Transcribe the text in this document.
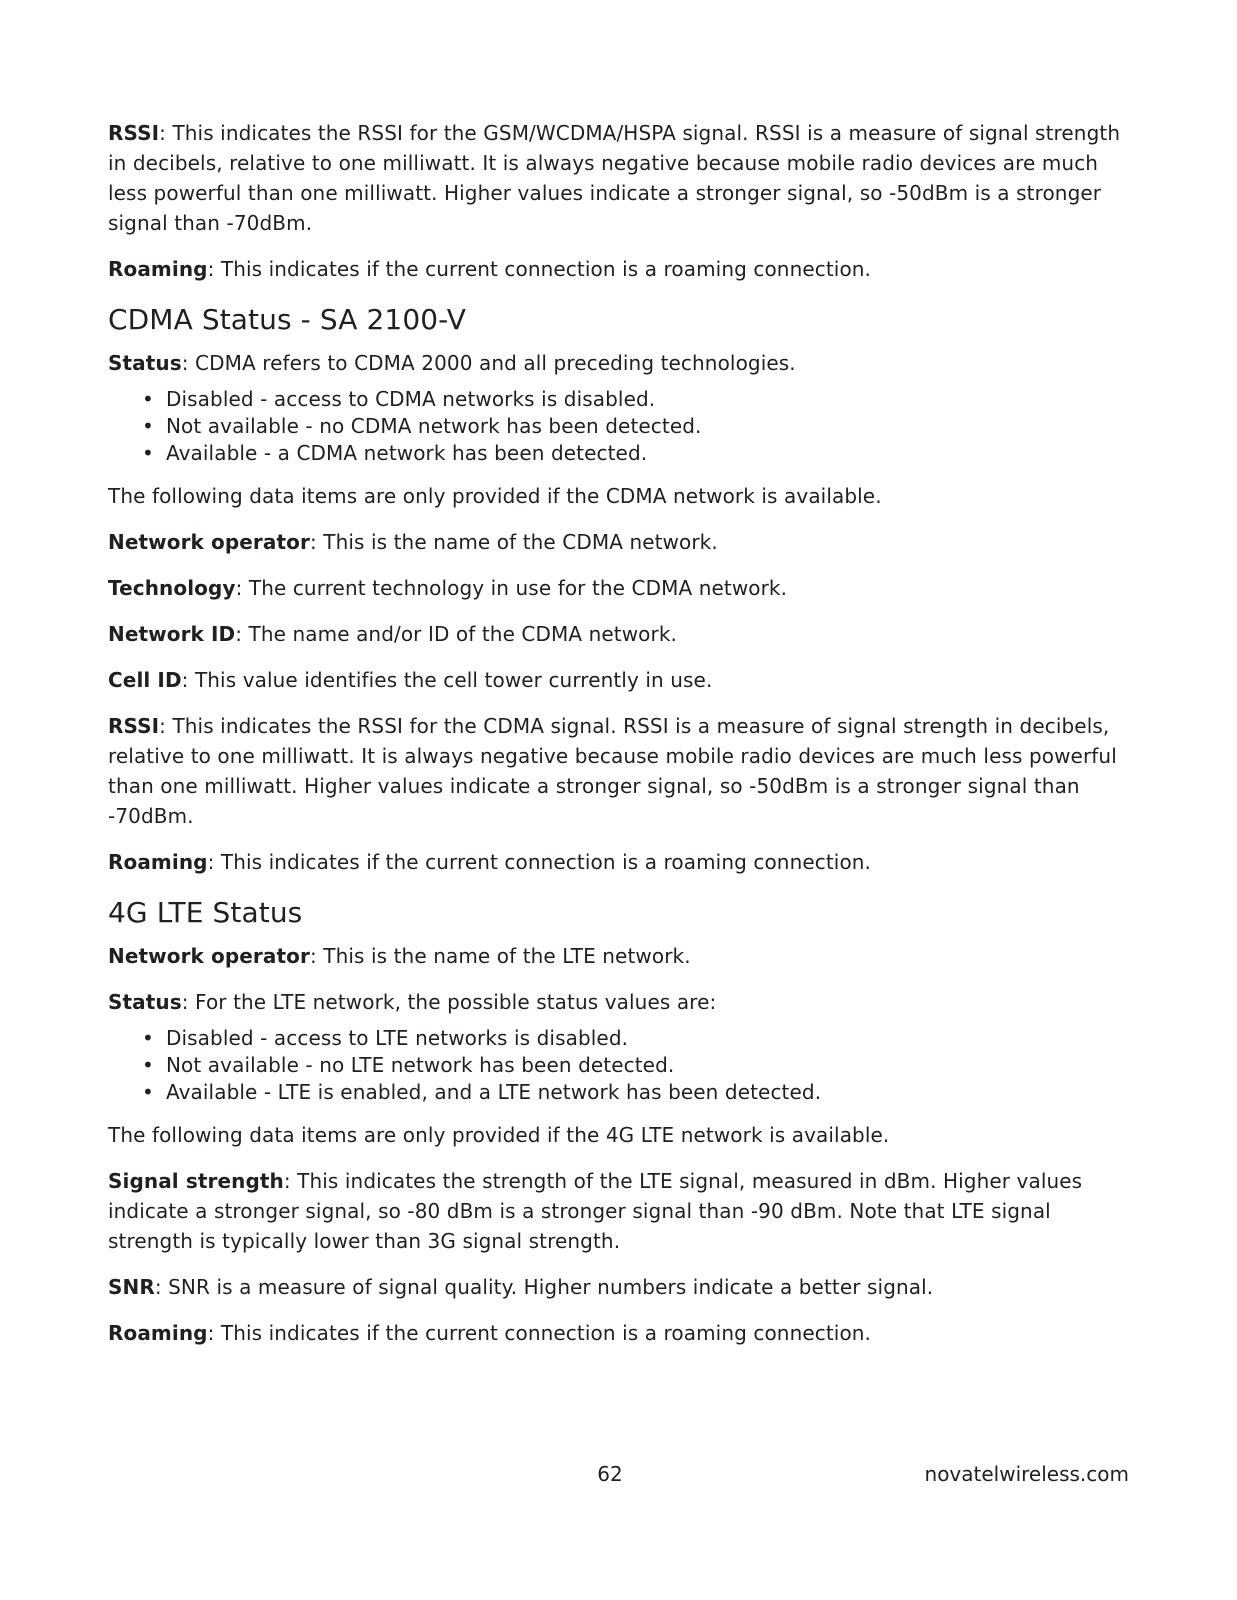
RSSI: This indicates the RSSI for the GSM/WCDMA/HSPA signal. RSSI is a measure of signal strength in decibels, relative to one milliwatt. It is always negative because mobile radio devices are much less powerful than one milliwatt. Higher values indicate a stronger signal, so -50dBm is a stronger signal than -70dBm.

Roaming: This indicates if the current connection is a roaming connection.

CDMA Status - SA 2100-V

Status: CDMA refers to CDMA 2000 and all preceding technologies.

• Disabled - access to CDMA networks is disabled.
• Not available - no CDMA network has been detected.
• Available - a CDMA network has been detected.

The following data items are only provided if the CDMA network is available.

Network operator: This is the name of the CDMA network.

Technology: The current technology in use for the CDMA network.

Network ID: The name and/or ID of the CDMA network.

Cell ID: This value identifies the cell tower currently in use.

RSSI: This indicates the RSSI for the CDMA signal. RSSI is a measure of signal strength in decibels, relative to one milliwatt. It is always negative because mobile radio devices are much less powerful than one milliwatt. Higher values indicate a stronger signal, so -50dBm is a stronger signal than -70dBm.

Roaming: This indicates if the current connection is a roaming connection.

4G LTE Status

Network operator: This is the name of the LTE network.

Status: For the LTE network, the possible status values are:

• Disabled - access to LTE networks is disabled.
• Not available - no LTE network has been detected.
• Available - LTE is enabled, and a LTE network has been detected.

The following data items are only provided if the 4G LTE network is available.

Signal strength: This indicates the strength of the LTE signal, measured in dBm. Higher values indicate a stronger signal, so -80 dBm is a stronger signal than -90 dBm. Note that LTE signal strength is typically lower than 3G signal strength.

SNR: SNR is a measure of signal quality. Higher numbers indicate a better signal.

Roaming: This indicates if the current connection is a roaming connection.

62	novatelwireless.com
